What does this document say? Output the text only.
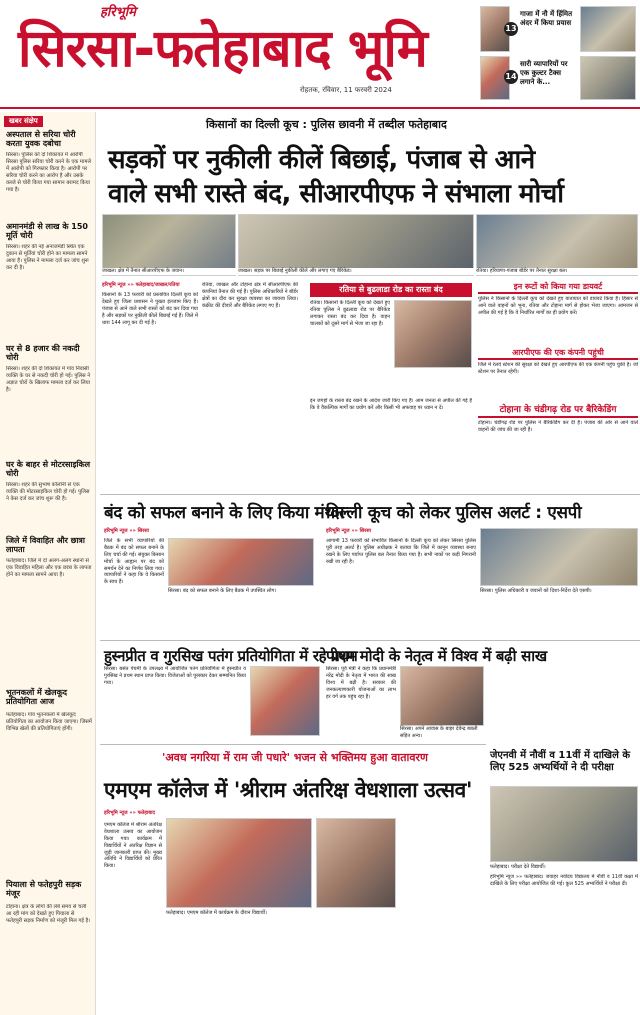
हरिभूमि
सिरसा-फतेहाबाद भूमि
रोहतक, रविवार, 11 फरवरी 2024
13
गाजा मेंं नौ में हिंमित अंदर में किया प्रयास
14
सारी व्यापारियों पर एक कुल्टर टैक्स लगाने के...
खबर संक्षेप
अस्पताल से सरिया चोरी करता युवक दबोचा
सिरसा। पुलिस को दो शिकायत में आरोपी सिरसा पुलिस सरिया चोरी करने के एक मामले में आरोपी को गिरफ्तार किया है। आरोपी पर सरिया चोरी करने का आरोप है और उसके कब्जे से चोरी किया गया सामान बरामद किया गया है।
अमानमंडी से लाख के 150 मूर्ति चोरी
सिरसा। शहर की नई अनाजमंडी स्थित एक दुकान से मूर्तियां चोरी होने का मामला सामने आया है। पुलिस ने मामला दर्ज कर जांच शुरू कर दी है।
घर से 8 हजार की नकदी चोरी
सिरसा। शहर की दो शिकायत में गांव निवासी व्यक्ति के घर से नकदी चोरी हो गई। पुलिस ने अज्ञात चोरों के खिलाफ मामला दर्ज कर लिया है।
घर के बाहर से मोटरसाइकिल चोरी
सिरसा। शहर की सुभाष कॉलोनी से एक व्यक्ति की मोटरसाइकिल चोरी हो गई। पुलिस ने केस दर्ज कर जांच शुरू की है।
जिले में विवाहित और छात्रा लापता
फतेहाबाद। जिले में दो अलग-अलग स्थानों से एक विवाहित महिला और एक छात्रा के लापता होने का मामला सामने आया है।
भूतनकलों में खेलकूद प्रतियोगिता आज
फतेहाबाद। गांव भूतनकलों में खेलकूद प्रतियोगिता का आयोजन किया जाएगा। जिसमें विभिन्न खेलों की प्रतियोगिताएं होंगी।
पियाला से फतेहपुरी सड़क मंजूर
टोहाना। क्षेत्र के लोगों की लंबे समय से चली आ रही मांग को देखते हुए पियाला से फतेहपुरी सड़क निर्माण को मंजूरी मिल गई है।
किसानों का दिल्ली कूच : पुलिस छावनी में तब्दील फतेहाबाद
सड़कों पर नुकीली कीलें बिछाई, पंजाब से आने
वाले सभी रास्ते बंद, सीआरपीएफ ने संभाला मोर्चा
जाखल। क्षेत्र में तैनात सीआरपीएफ के जवान।	जाखल। सड़क पर बिछाई नुकीली कीलें और लगाए गए बैरिकेड।	रतिया। हरियाणा-पंजाब बॉर्डर पर तैनात सुरक्षा बल।
हरिभूमि न्यूज »» फतेहाबाद/जाखल/रतिया
किसानों के 13 फरवरी को प्रस्तावित दिल्ली कूच को देखते हुए जिला प्रशासन ने पुख्ता इंतजाम किए हैं। पंजाब से आने वाले सभी रास्तों को बंद कर दिया गया है और सड़कों पर नुकीली कीलें बिछाई गई हैं। जिले में धारा 144 लागू कर दी गई है।
रतिया, जाखल और टोहाना क्षेत्र में सीआरपीएफ की कंपनियां तैनात की गई हैं। पुलिस अधिकारियों ने बॉर्डर क्षेत्रों का दौरा कर सुरक्षा व्यवस्था का जायजा लिया। कंक्रीट की दीवारें और बैरिकेड लगाए गए हैं।
रतिया से बुढलाडा रोड का रास्ता बंद
रतिया। किसानों के दिल्ली कूच को देखते हुए रतिया पुलिस ने बुढलाडा रोड पर बैरिकेड लगाकर रास्ता बंद कर दिया है। वाहन चालकों को दूसरे मार्ग से भेजा जा रहा है।
इन जगहों के रास्ता बंद रखने के आदेश जारी किए गए हैं। आम जनता से अपील की गई है कि वे वैकल्पिक मार्गों का प्रयोग करें और किसी भी अफवाह पर ध्यान न दें।
इन रूटों को किया गया डायवर्ट
पुलिस ने किसानों के दिल्ली कूच को देखते हुए यातायात को डायवर्ट किया है। हिसार से आने वाले वाहनों को भूना, रतिया और टोहाना मार्ग से होकर भेजा जाएगा। आमजन से अपील की गई है कि वे निर्धारित मार्गों का ही प्रयोग करें।
आरपीएफ की एक कंपनी पहुंची
जिले में रेलवे स्टेशन की सुरक्षा को देखते हुए आरपीएफ की एक कंपनी पहुंच चुकी है। जो स्टेशन पर तैनात रहेगी।
टोहाना के चंडीगढ़ रोड पर बैरिकेडिंग
टोहाना। चंडीगढ़ रोड पर पुलिस ने बैरिकेडिंग कर दी है। पंजाब की ओर से आने वाले वाहनों की जांच की जा रही है।
बंद को सफल बनाने के लिए किया मंथन
हरिभूमि न्यूज »» सिरसा
जिले के सभी व्यापारियों की बैठक में बंद को सफल बनाने के लिए चर्चा की गई। संयुक्त किसान मोर्चा के आह्वान पर बंद को समर्थन देने का निर्णय लिया गया। व्यापारियों ने कहा कि वे किसानों के साथ हैं।
सिरसा। बंद को सफल बनाने के लिए बैठक में उपस्थित लोग।
दिल्ली कूच को लेकर पुलिस अलर्ट : एसपी
हरिभूमि न्यूज »» सिरसा
आगामी 13 फरवरी को संभावित किसानों के दिल्ली कूच को लेकर सिरसा पुलिस पूरी तरह अलर्ट है। पुलिस अधीक्षक ने बताया कि जिले में कानून व्यवस्था बनाए रखने के लिए पर्याप्त पुलिस बल तैनात किया गया है। सभी नाकों पर कड़ी निगरानी रखी जा रही है।
सिरसा। पुलिस अधिकारी व जवानों को दिशा-निर्देश देते एसपी।
हुस्नप्रीत व गुरसिख पतंग प्रतियोगिता में रहे प्रथम
सिरसा। बसंत पंचमी के उपलक्ष्य में आयोजित पतंग प्रतियोगिता में हुस्नप्रीत व गुरसिख ने प्रथम स्थान प्राप्त किया। विजेताओं को पुरस्कार देकर सम्मानित किया गया।
पीएम मोदी के नेतृत्व में विश्व में बढ़ी साख
सिरसा। पूर्व मंत्री ने कहा कि प्रधानमंत्री नरेंद्र मोदी के नेतृत्व में भारत की साख विश्व में बढ़ी है। सरकार की जनकल्याणकारी योजनाओं का लाभ हर वर्ग तक पहुंच रहा है।
सिरसा। अपने आवास के बाहर देवेन्द्र बबली सहित अन्य।
जेएनवी में नौवीं व 11वीं में दाखिले के लिए 525 अभ्यर्थियों ने दी परीक्षा
फतेहाबाद। परीक्षा देते विद्यार्थी।
हरिभूमि न्यूज »» फतेहाबाद। जवाहर नवोदय विद्यालय में नौवीं व 11वीं कक्षा में दाखिले के लिए परीक्षा आयोजित की गई। कुल 525 अभ्यर्थियों ने परीक्षा दी।
'अवध नगरिया में राम जी पधारे' भजन से भक्तिमय हुआ वातावरण
एमएम कॉलेज में 'श्रीराम अंतरिक्ष वेधशाला उत्सव'
हरिभूमि न्यूज »» फतेहाबाद
एमएम कॉलेज में श्रीराम अंतरिक्ष वेधशाला उत्सव का आयोजन किया गया। कार्यक्रम में विद्यार्थियों ने अंतरिक्ष विज्ञान से जुड़ी जानकारी प्राप्त की। मुख्य अतिथि ने विद्यार्थियों को प्रेरित किया।
फतेहाबाद। एमएम कॉलेज में कार्यक्रम के दौरान विद्यार्थी।
